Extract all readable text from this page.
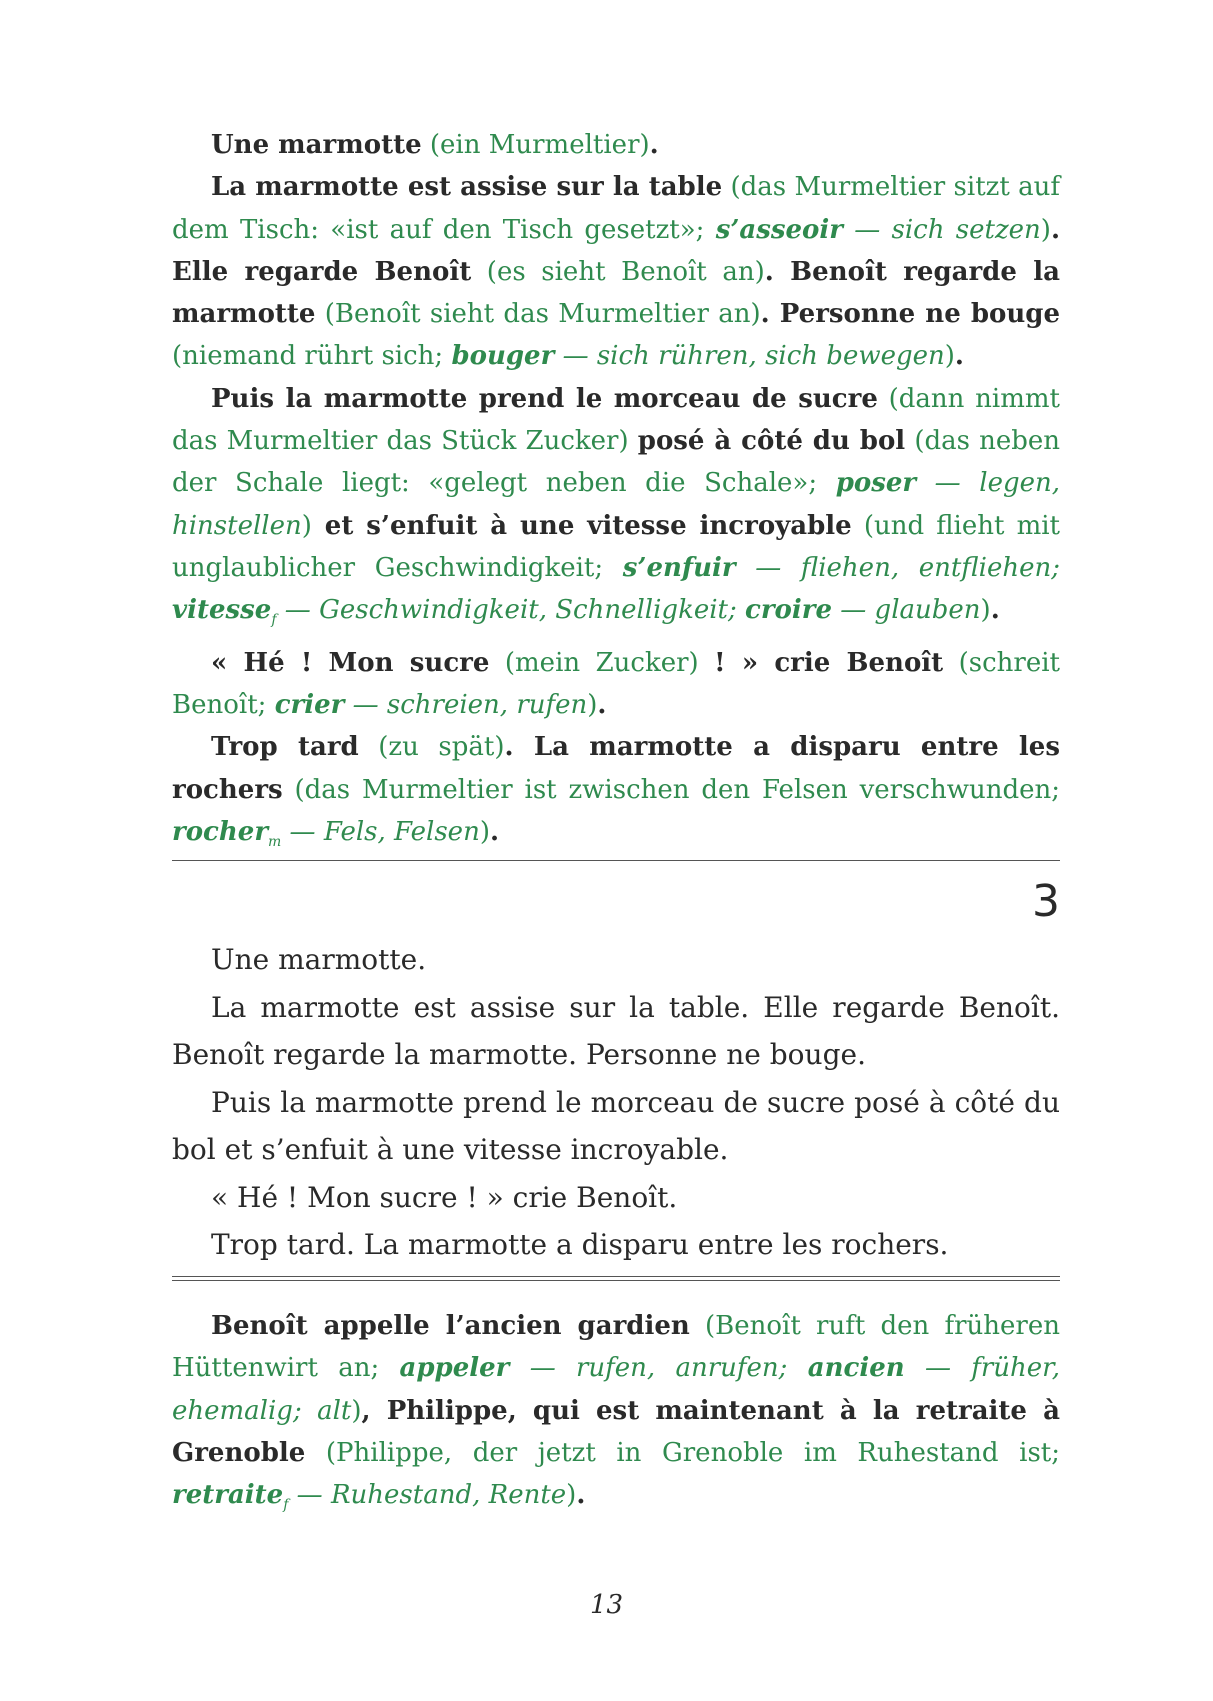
Une marmotte (ein Murmeltier).

La marmotte est assise sur la table (das Murmeltier sitzt auf dem Tisch: «ist auf den Tisch gesetzt»; s’asseoir — sich setzen). Elle regarde Benoît (es sieht Benoît an). Benoît regarde la marmotte (Benoît sieht das Murmeltier an). Personne ne bouge (niemand rührt sich; bouger — sich rühren, sich bewegen).

Puis la marmotte prend le morceau de sucre (dann nimmt das Murmeltier das Stück Zucker) posé à côté du bol (das neben der Schale liegt: «gelegt neben die Schale»; poser — legen, hinstellen) et s’enfuit à une vitesse incroyable (und flieht mit unglaublicher Geschwindigkeit; s’enfuir — fliehen, entfliehen; vitesse$_f$ — Geschwindigkeit, Schnelligkeit; croire — glauben).

« Hé ! Mon sucre (mein Zucker) ! » crie Benoît (schreit Benoît; crier — schreien, rufen).

Trop tard (zu spät). La marmotte a disparu entre les rochers (das Murmeltier ist zwischen den Felsen verschwunden; rocher$_m$ — Fels, Felsen).

3

Une marmotte.

La marmotte est assise sur la table. Elle regarde Benoît. Benoît regarde la marmotte. Personne ne bouge.

Puis la marmotte prend le morceau de sucre posé à côté du bol et s’enfuit à une vitesse incroyable.

« Hé ! Mon sucre ! » crie Benoît.

Trop tard. La marmotte a disparu entre les rochers.

Benoît appelle l’ancien gardien (Benoît ruft den früheren Hüttenwirt an; appeler — rufen, anrufen; ancien — früher, ehemalig; alt), Philippe, qui est maintenant à la retraite à Grenoble (Philippe, der jetzt in Grenoble im Ruhestand ist; retraite$_f$ — Ruhestand, Rente).

13
